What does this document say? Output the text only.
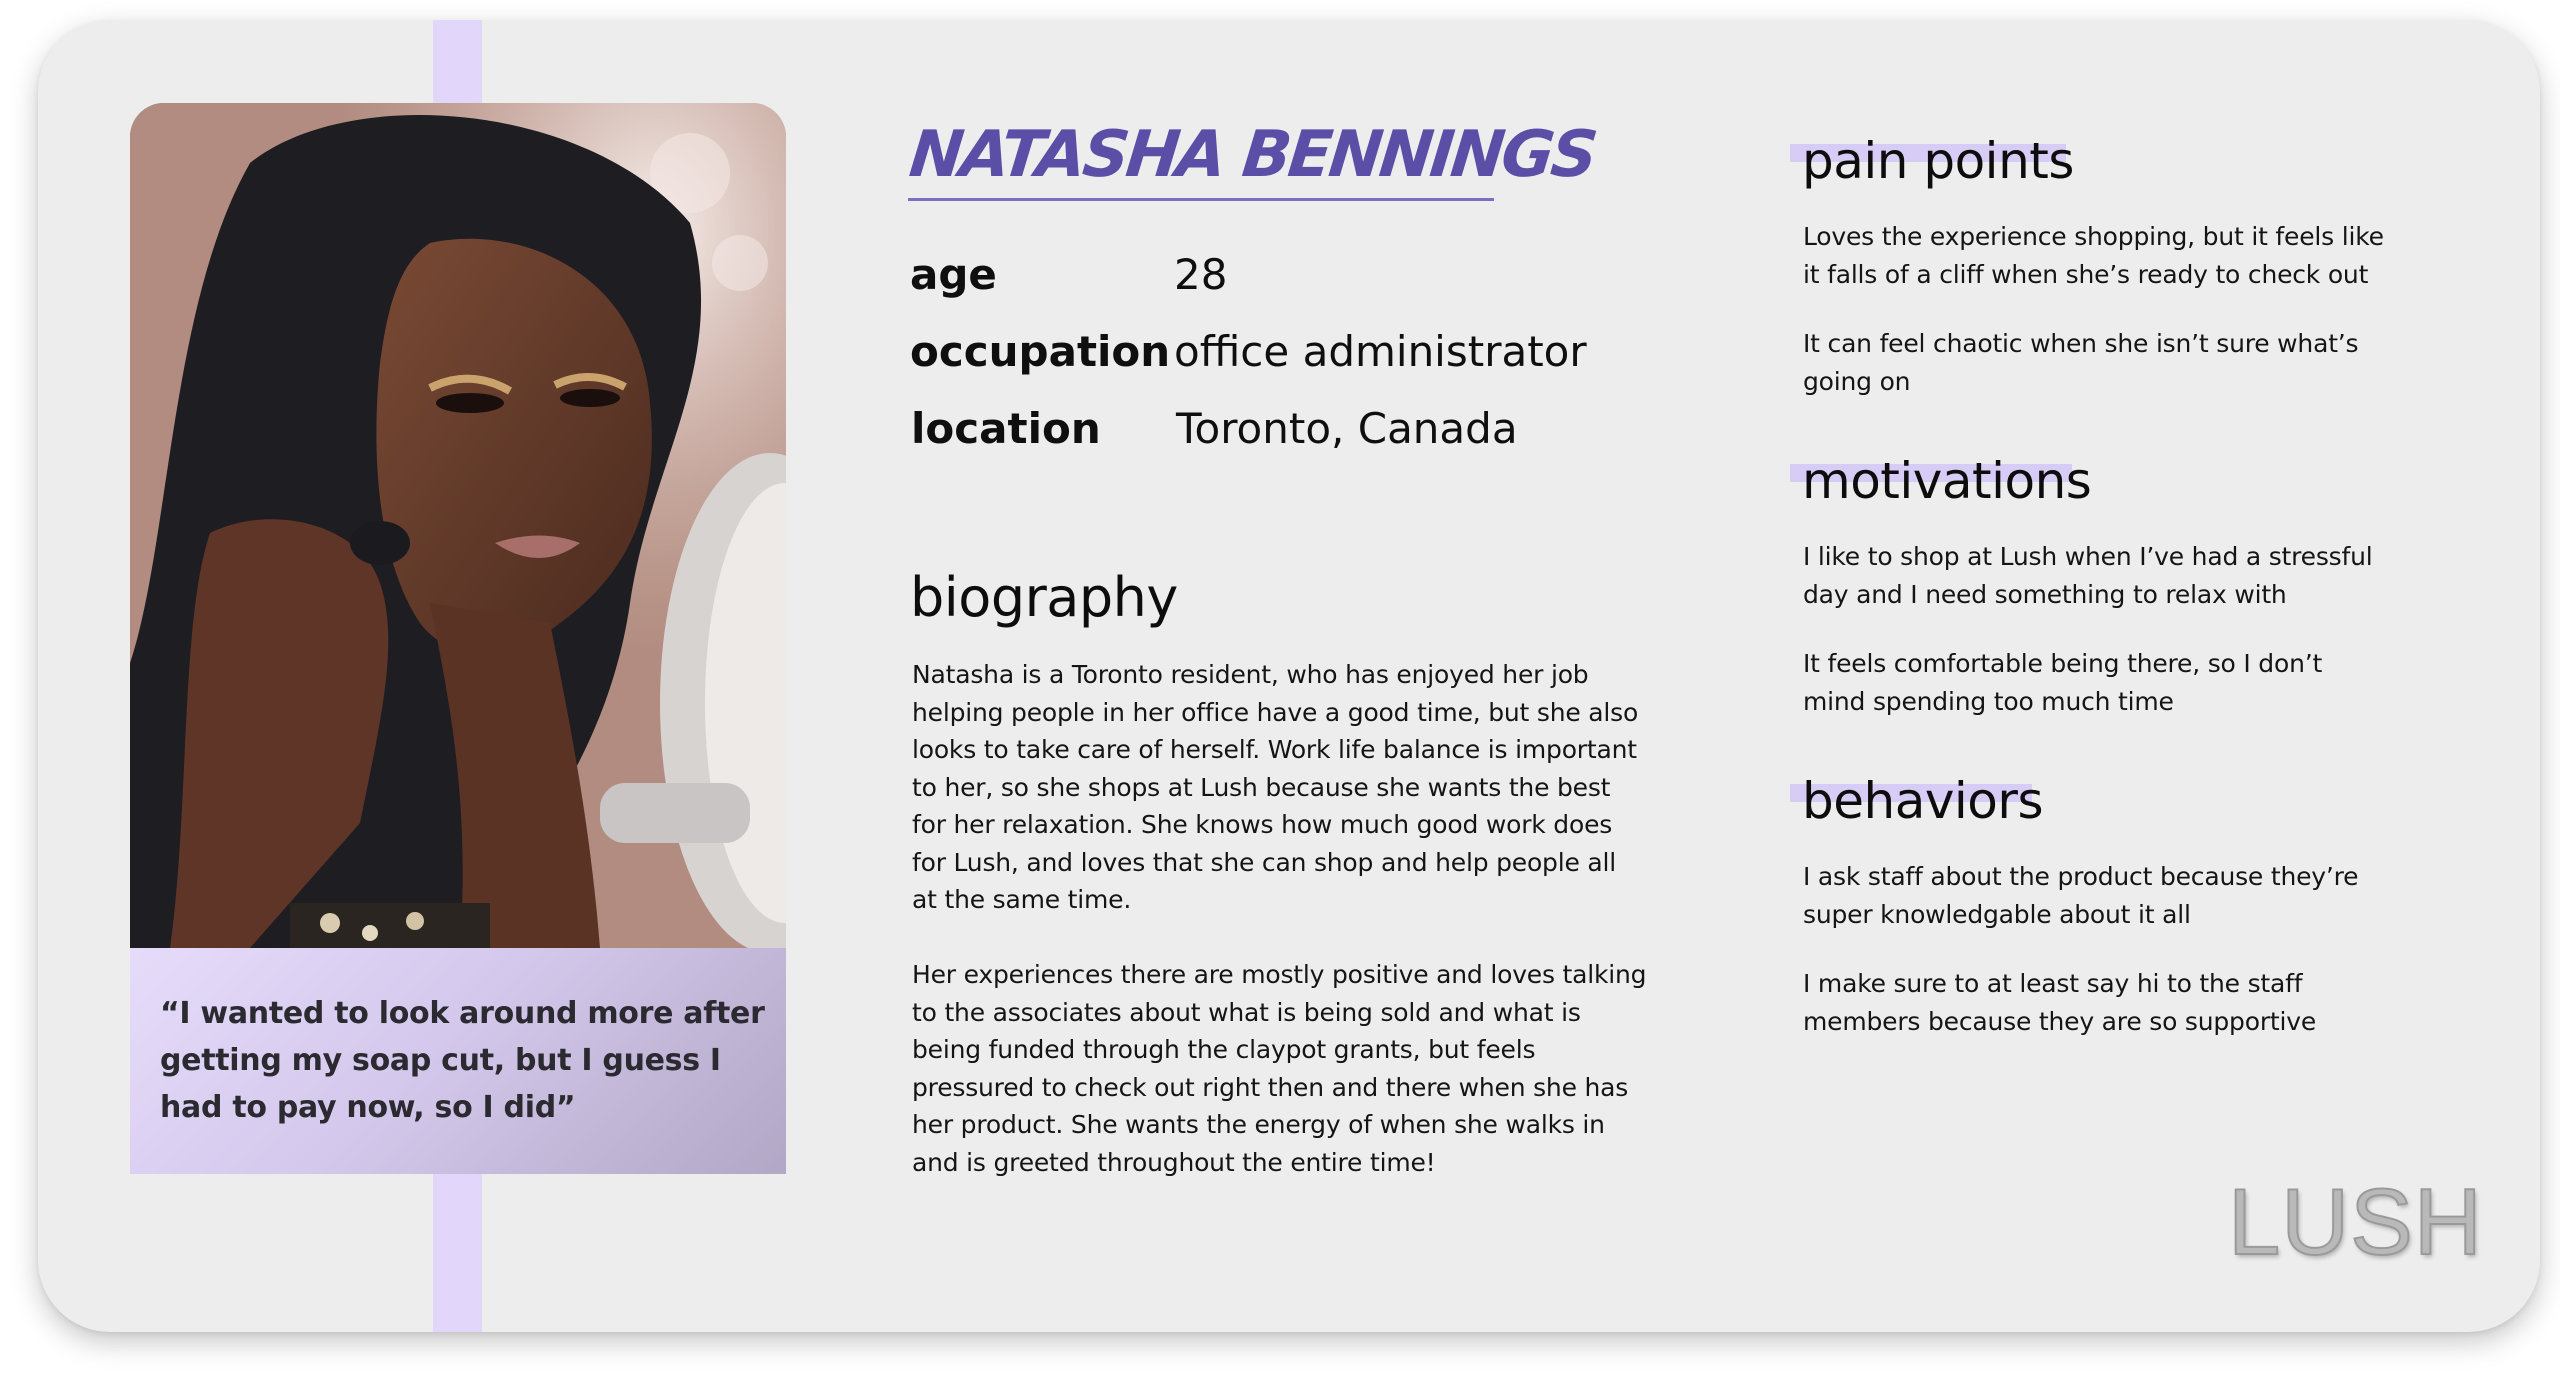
“I wanted to look around more after getting my soap cut, but I guess I had to pay now, so I did”
NATASHA BENNINGS
age	28
occupation office administrator
location Toronto, Canada
biography
Natasha is a Toronto resident, who has enjoyed her job
helping people in her office have a good time, but she also
looks to take care of herself. Work life balance is important
to her, so she shops at Lush because she wants the best
for her relaxation. She knows how much good work does
for Lush, and loves that she can shop and help people all
at the same time.
Her experiences there are mostly positive and loves talking
to the associates about what is being sold and what is
being funded through the claypot grants, but feels
pressured to check out right then and there when she has
her product. She wants the energy of when she walks in
and is greeted throughout the entire time!
pain points
Loves the experience shopping, but it feels like
it falls of a cliff when she’s ready to check out
It can feel chaotic when she isn’t sure what’s
going on
motivations
I like to shop at Lush when I’ve had a stressful
day and I need something to relax with
It feels comfortable being there, so I don’t
mind spending too much time
behaviors
I ask staff about the product because they’re
super knowledgable about it all
I make sure to at least say hi to the staff
members because they are so supportive
LUSH
